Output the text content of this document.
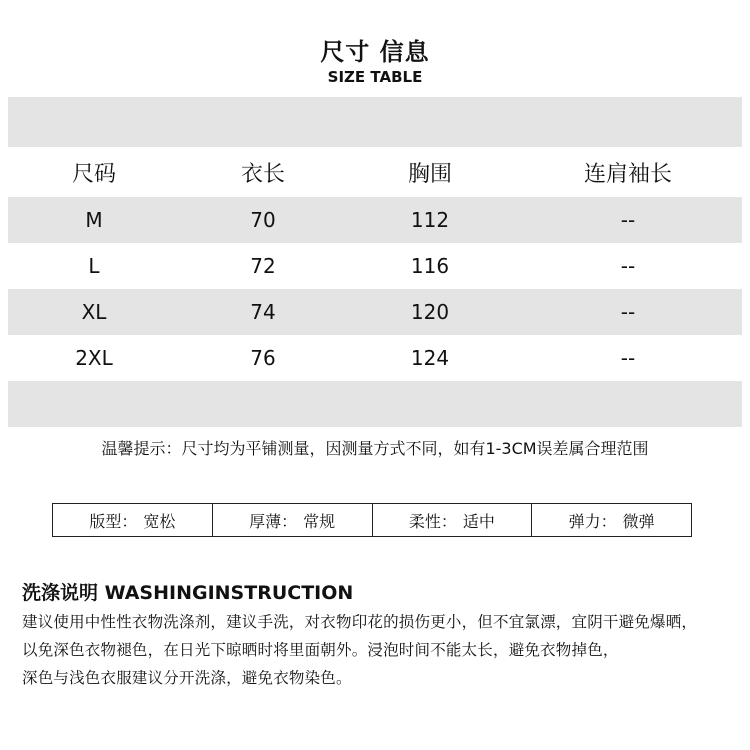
尺寸 信息
SIZE TABLE
尺码	衣长	胸围	连肩袖长
M	70	112	--
L	72	116	--
XL	74	120	--
2XL	76	124	--
温馨提示：尺寸均为平铺测量，因测量方式不同，如有1-3CM误差属合理范围
版型： 宽松	厚薄： 常规	柔性： 适中	弹力： 微弹
洗涤说明 WASHINGINSTRUCTION
建议使用中性性衣物洗涤剂，建议手洗，对衣物印花的损伤更小，但不宜氯漂，宜阴干避免爆晒，
以免深色衣物褪色，在日光下晾晒时将里面朝外。浸泡时间不能太长，避免衣物掉色，
深色与浅色衣服建议分开洗涤，避免衣物染色。
